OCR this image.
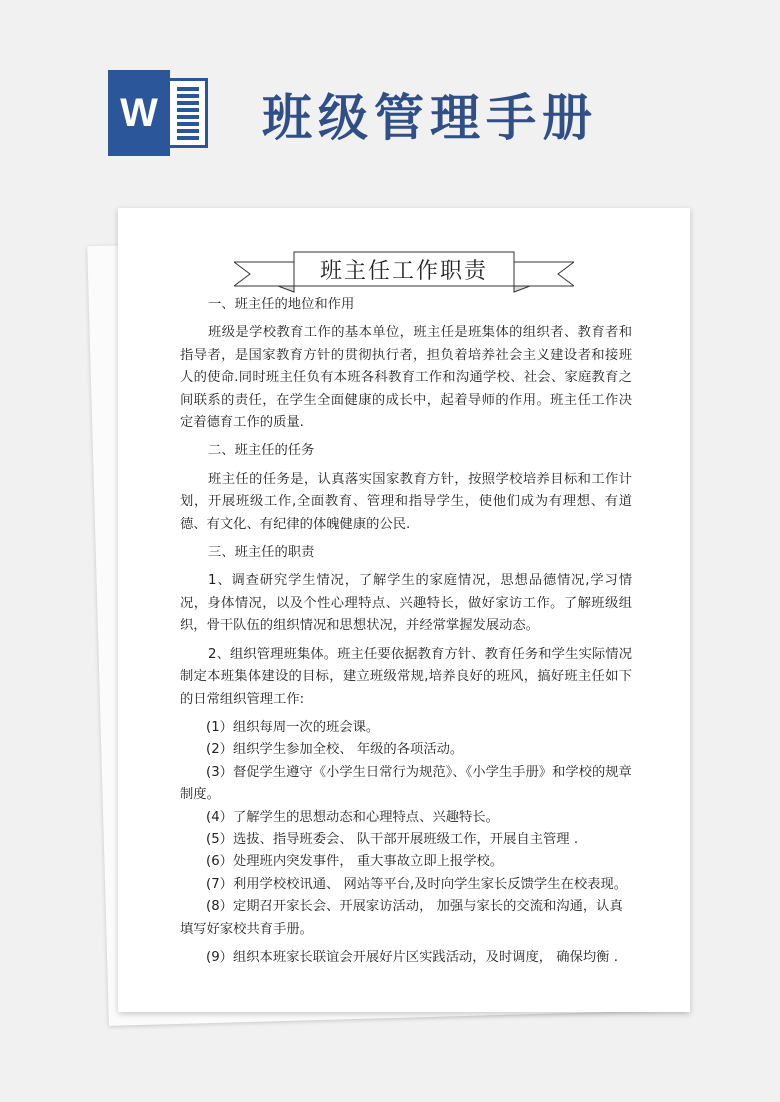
W 班级管理手册
班主任工作职责

一、班主任的地位和作用

班级是学校教育工作的基本单位，班主任是班集体的组织者、教育者和指导者，是国家教育方针的贯彻执行者，担负着培养社会主义建设者和接班人的使命.同时班主任负有本班各科教育工作和沟通学校、社会、家庭教育之间联系的责任，在学生全面健康的成长中，起着导师的作用。班主任工作决定着德育工作的质量.

二、班主任的任务

班主任的任务是，认真落实国家教育方针，按照学校培养目标和工作计划，开展班级工作,全面教育、管理和指导学生，使他们成为有理想、有道德、有文化、有纪律的体魄健康的公民.

三、班主任的职责

1、调查研究学生情况，了解学生的家庭情况，思想品德情况,学习情况，身体情况，以及个性心理特点、兴趣特长，做好家访工作。了解班级组织，骨干队伍的组织情况和思想状况，并经常掌握发展动态。

2、组织管理班集体。班主任要依据教育方针、教育任务和学生实际情况制定本班集体建设的目标，建立班级常规,培养良好的班风，搞好班主任如下的日常组织管理工作:

(1）组织每周一次的班会课。

(2）组织学生参加全校、 年级的各项活动。

(3）督促学生遵守《小学生日常行为规范》、《小学生手册》和学校的规章制度。

(4）了解学生的思想动态和心理特点、兴趣特长。

(5）选拔、指导班委会、 队干部开展班级工作，开展自主管理 .

(6）处理班内突发事件， 重大事故立即上报学校。

(7）利用学校校讯通、 网站等平台,及时向学生家长反馈学生在校表现。

(8）定期召开家长会、开展家访活动， 加强与家长的交流和沟通，认真填写好家校共育手册。

(9）组织本班家长联谊会开展好片区实践活动，及时调度， 确保均衡 .
